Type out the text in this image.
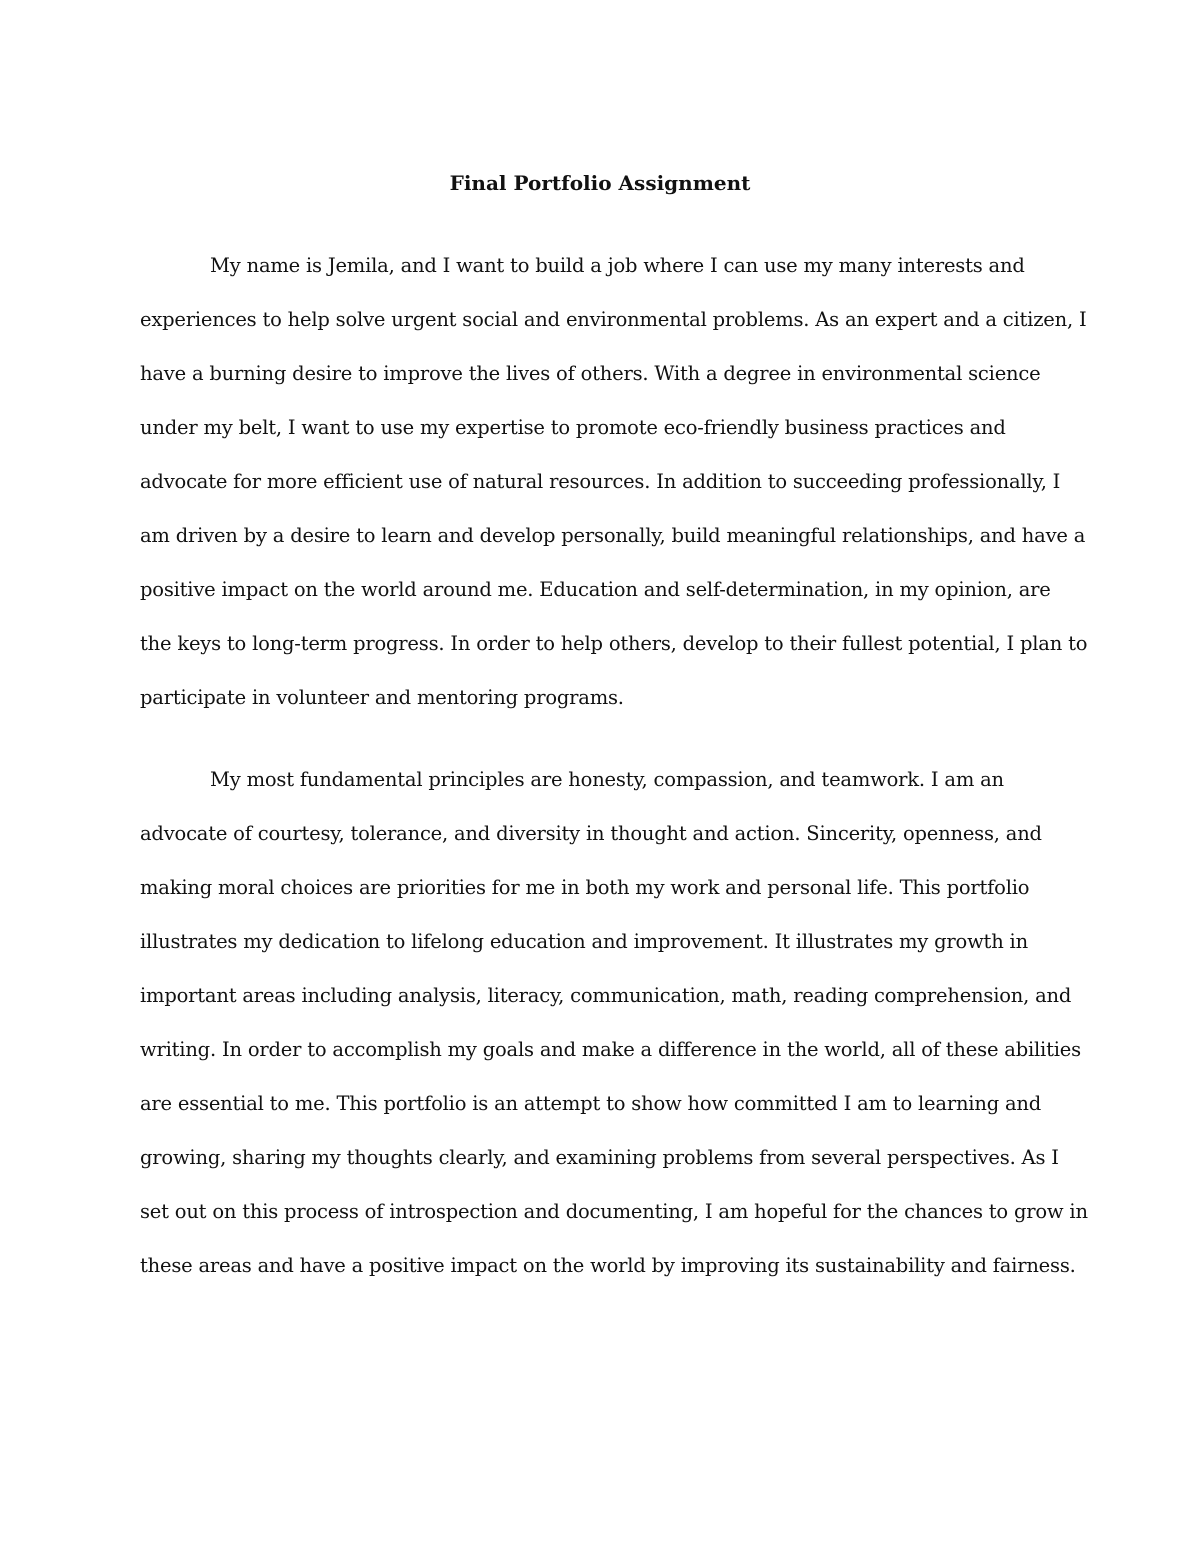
Final Portfolio Assignment
My name is Jemila, and I want to build a job where I can use my many interests and
experiences to help solve urgent social and environmental problems. As an expert and a citizen, I
have a burning desire to improve the lives of others. With a degree in environmental science
under my belt, I want to use my expertise to promote eco-friendly business practices and
advocate for more efficient use of natural resources. In addition to succeeding professionally, I
am driven by a desire to learn and develop personally, build meaningful relationships, and have a
positive impact on the world around me. Education and self-determination, in my opinion, are
the keys to long-term progress. In order to help others, develop to their fullest potential, I plan to
participate in volunteer and mentoring programs.
My most fundamental principles are honesty, compassion, and teamwork. I am an
advocate of courtesy, tolerance, and diversity in thought and action. Sincerity, openness, and
making moral choices are priorities for me in both my work and personal life. This portfolio
illustrates my dedication to lifelong education and improvement. It illustrates my growth in
important areas including analysis, literacy, communication, math, reading comprehension, and
writing. In order to accomplish my goals and make a difference in the world, all of these abilities
are essential to me. This portfolio is an attempt to show how committed I am to learning and
growing, sharing my thoughts clearly, and examining problems from several perspectives. As I
set out on this process of introspection and documenting, I am hopeful for the chances to grow in
these areas and have a positive impact on the world by improving its sustainability and fairness.
